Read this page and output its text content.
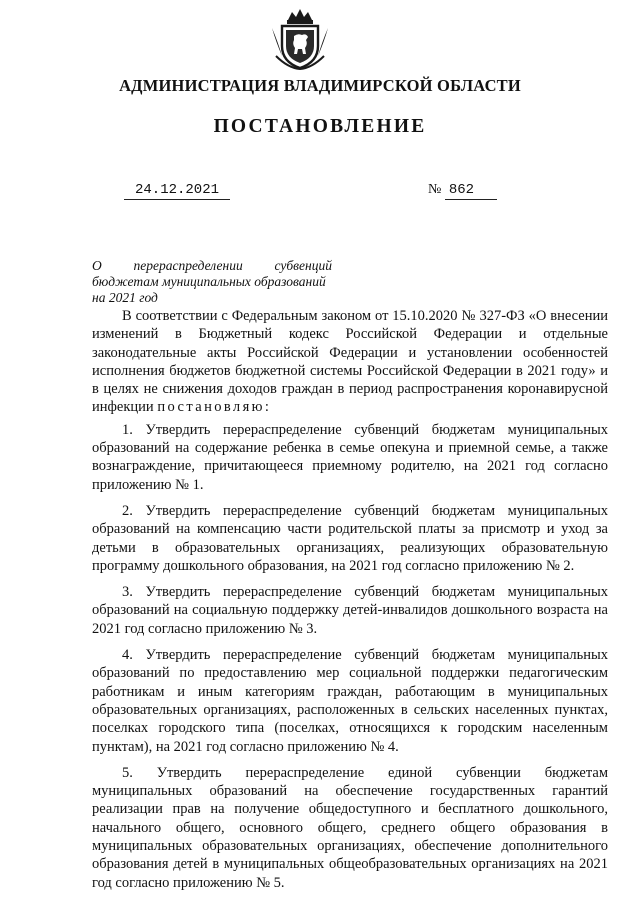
АДМИНИСТРАЦИЯ ВЛАДИМИРСКОЙ ОБЛАСТИ
ПОСТАНОВЛЕНИЕ
24.12.2021	№ 862
О перераспределении субвенций
бюджетам муниципальных образований
на 2021 год

В соответствии с Федеральным законом от 15.10.2020 № 327-ФЗ «О внесении изменений в Бюджетный кодекс Российской Федерации и отдельные законодательные акты Российской Федерации и установлении особенностей исполнения бюджетов бюджетной системы Российской Федерации в 2021 году» и в целях не снижения доходов граждан в период распространения коронавирусной инфекции постановляю:

1. Утвердить перераспределение субвенций бюджетам муниципальных образований на содержание ребенка в семье опекуна и приемной семье, а также вознаграждение, причитающееся приемному родителю, на 2021 год согласно приложению № 1.

2. Утвердить перераспределение субвенций бюджетам муниципальных образований на компенсацию части родительской платы за присмотр и уход за детьми в образовательных организациях, реализующих образовательную программу дошкольного образования, на 2021 год согласно приложению № 2.

3. Утвердить перераспределение субвенций бюджетам муниципальных образований на социальную поддержку детей-инвалидов дошкольного возраста на 2021 год согласно приложению № 3.

4. Утвердить перераспределение субвенций бюджетам муниципальных образований по предоставлению мер социальной поддержки педагогическим работникам и иным категориям граждан, работающим в муниципальных образовательных организациях, расположенных в сельских населенных пунктах, поселках городского типа (поселках, относящихся к городским населенным пунктам), на 2021 год согласно приложению № 4.

5. Утвердить перераспределение единой субвенции бюджетам муниципальных образований на обеспечение государственных гарантий реализации прав на получение общедоступного и бесплатного дошкольного, начального общего, основного общего, среднего общего образования в муниципальных образовательных организациях, обеспечение дополнительного образования детей в муниципальных общеобразовательных организациях на 2021 год согласно приложению № 5.
